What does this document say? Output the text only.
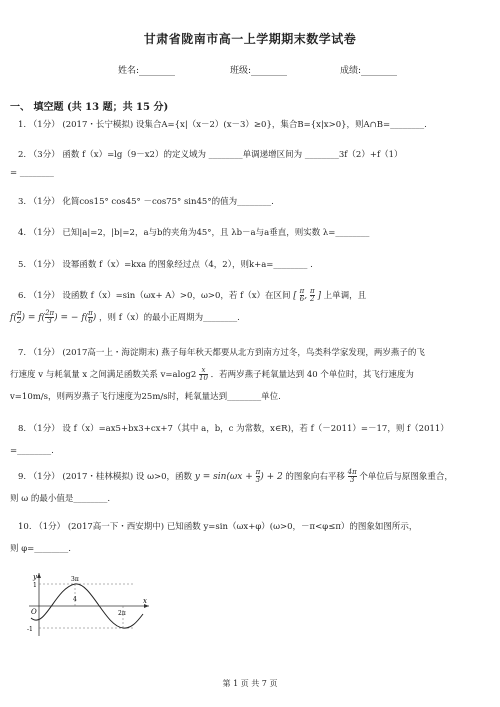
甘肃省陇南市高一上学期期末数学试卷
姓名:________	班级:________	成绩:________
一、 填空题 (共 13 题；共 15 分)
1. （1分） (2017・长宁模拟) 设集合A={x|（x－2）(x－3）≥0}，集合B={x|x>0}，则A∩B=________.
2. （3分） 函数 f（x）=lg（9－x2）的定义域为 ________单调递增区间为 ________3f（2）+f（1）
= ________
3. （1分） 化简cos15° cos45° －cos75° sin45°的值为________.
4. （1分） 已知|a|=2，|b|=2，a与b的夹角为45°，且 λb－a与a垂直，则实数 λ=________
5. （1分） 设幂函数 f（x）=kxa 的图象经过点（4，2），则k+a=________ .
6. （1分） 设函数 f（x）=sin（ωx+ A）>0，ω>0，若 f（x）在区间 [ $\frac{\pi}{6}$ , $\frac{\pi}{2}$ ] 上单调，且
$f( \frac{\pi}{2}$ ) = $f( \frac{2\pi}{3}$ ) = − $f( \frac{\pi}{6}$ ) ，则 f（x）的最小正周期为________.
7. （1分） (2017高一上・海淀期末) 燕子每年秋天都要从北方到南方过冬，鸟类科学家发现，两岁燕子的飞
行速度 v 与耗氧量 x 之间满足函数关系 $v=alog2 \frac{x}{10}$ ．若两岁燕子耗氧量达到 40 个单位时，其飞行速度为
v=10m/s，则两岁燕子飞行速度为25m/s时，耗氧量达到________单位.
8. （1分） 设 f（x）=ax5+bx3+cx+7（其中 a，b，c 为常数，x∈R)，若 f（－2011）=－17，则 f（2011）
=________.
9. （1分） (2017・桂林模拟) 设 ω>0，函数 $y = \sin(\omega x + \frac{\pi}{3}$ ) + 2 的图象向右平移 $\frac{4\pi}{3}$ 个单位后与原图象重合，
则 ω 的最小值是________.
10. （1分） (2017高一下・西安期中) 已知函数 y=sin（ωx+φ）(ω>0，－π<φ≤π）的图象如图所示，
则 φ=________.
y
x
O
1
-1
3π
4
2π
第 1 页 共 7 页
